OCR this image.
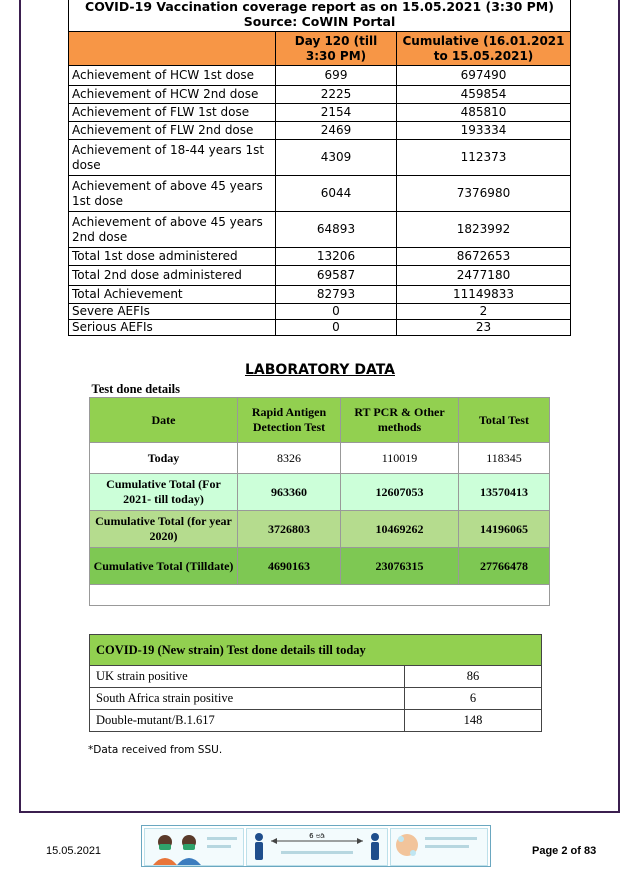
COVID-19 Vaccination coverage report as on 15.05.2021 (3:30 PM)
Source: CoWIN Portal		

	Day 120 (till 3:30 PM)	Cumulative (16.01.2021 to 15.05.2021)
Achievement of HCW 1st dose	699	697490
Achievement of HCW 2nd dose	2225	459854
Achievement of FLW 1st dose	2154	485810
Achievement of FLW 2nd dose	2469	193334
Achievement of 18-44 years 1st dose	4309	112373
Achievement of above 45 years 1st dose	6044	7376980
Achievement of above 45 years 2nd dose	64893	1823992
Total 1st dose administered	13206	8672653
Total 2nd dose administered	69587	2477180
Total Achievement	82793	11149833
Severe AEFIs	0	2
Serious AEFIs	0	23
LABORATORY DATA
Test done details			
Date	Rapid Antigen Detection Test	RT PCR & Other methods	Total Test
Today	8326	110019	118345
Cumulative Total (For 2021- till today)	963360	12607053	13570413
Cumulative Total (for year 2020)	3726803	10469262	14196065
Cumulative Total (Tilldate)	4690163	23076315	27766478

COVID-19 (New strain) Test done details till today	
UK strain positive	86
South Africa strain positive	6
Double-mutant/B.1.617	148
*Data received from SSU.
6 ಅಡಿ
15.05.2021	Page 2 of 83
